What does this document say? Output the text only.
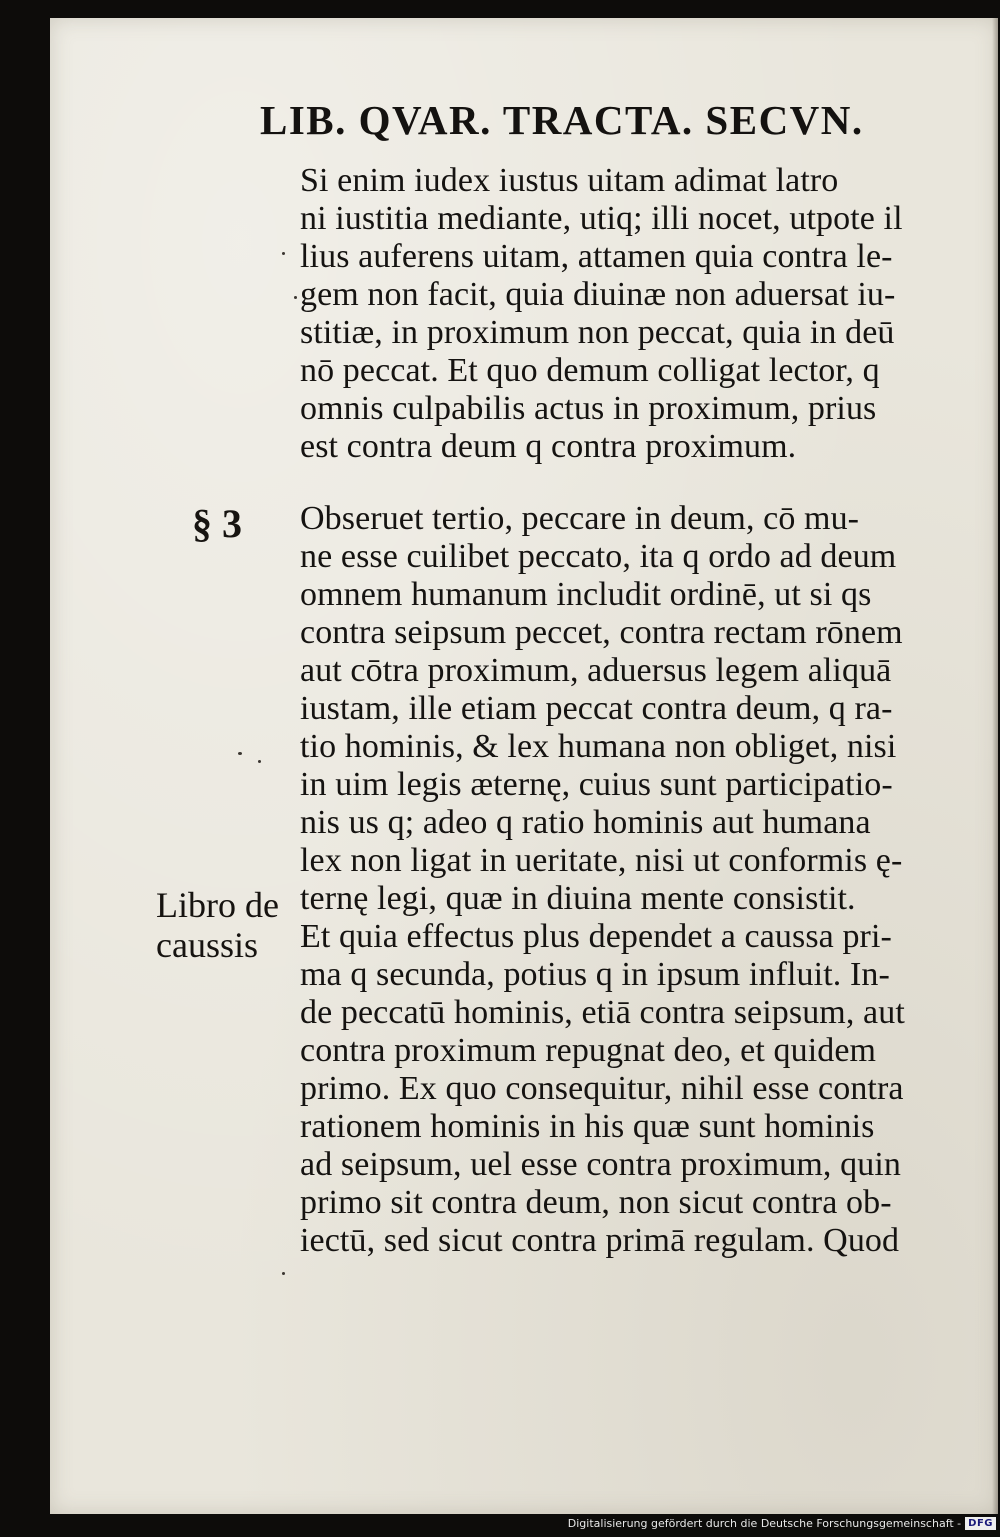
LIB. QVAR. TRACTA. SECVN.
§ 3
Libro de
caussis
Si enim iudex iustus uitam adimat latro
ni iustitia mediante, utiq; illi nocet, utpote il
lius auferens uitam, attamen quia contra le-
gem non facit, quia diuinæ non aduersat iu-
stitiæ, in proximum non peccat, quia in deū
nō peccat. Et quo demum colligat lector, q
omnis culpabilis actus in proximum, prius
est contra deum q contra proximum.
Obseruet tertio, peccare in deum, cō mu-
ne esse cuilibet peccato, ita q ordo ad deum
omnem humanum includit ordinē, ut si qs
contra seipsum peccet, contra rectam rōnem
aut cōtra proximum, aduersus legem aliquā
iustam, ille etiam peccat contra deum, q ra-
tio hominis, & lex humana non obliget, nisi
in uim legis æternę, cuius sunt participatio-
nis us q; adeo q ratio hominis aut humana
lex non ligat in ueritate, nisi ut conformis ę-
ternę legi, quæ in diuina mente consistit.
Et quia effectus plus dependet a caussa pri-
ma q secunda, potius q in ipsum influit. In-
de peccatū hominis, etiā contra seipsum, aut
contra proximum repugnat deo, et quidem
primo. Ex quo consequitur, nihil esse contra
rationem hominis in his quæ sunt hominis
ad seipsum, uel esse contra proximum, quin
primo sit contra deum, non sicut contra ob-
iectū, sed sicut contra primā regulam. Quod
Digitalisierung gefördert durch die Deutsche Forschungsgemeinschaft - DFG
